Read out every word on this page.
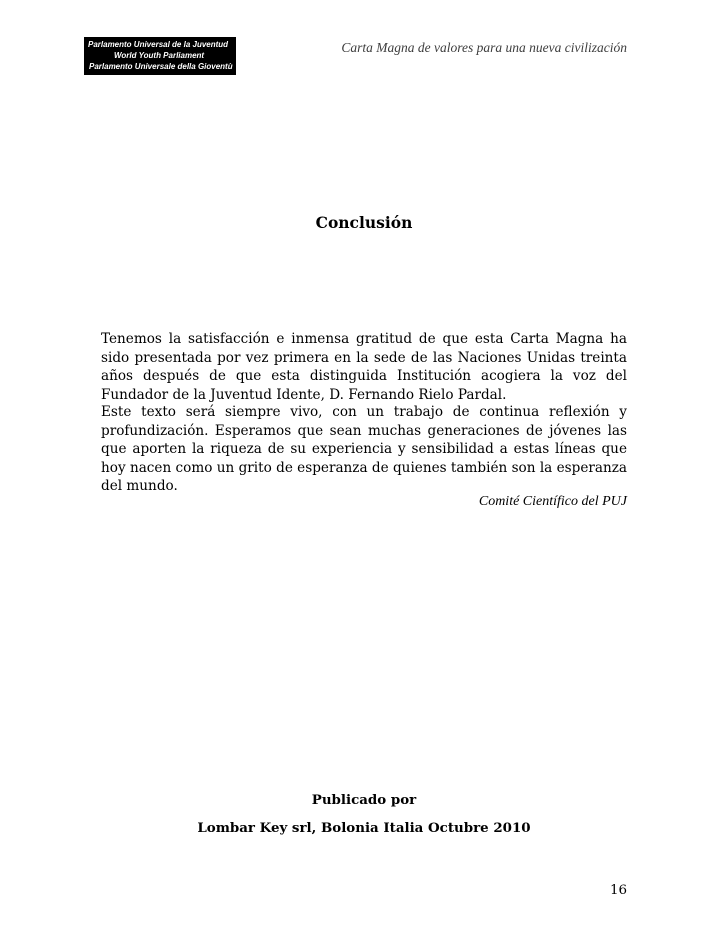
Parlamento Universal de la Juventud
World Youth Parliament
Parlamento Universale della Gioventù
Carta Magna de valores para una nueva civilización
Conclusión

Tenemos la satisfacción e inmensa gratitud de que esta Carta Magna ha sido presentada por vez primera en la sede de las Naciones Unidas treinta años después de que esta distinguida Institución acogiera la voz del Fundador de la Juventud Idente, D. Fernando Rielo Pardal.

Este texto será siempre vivo, con un trabajo de continua reflexión y profundización. Esperamos que sean muchas generaciones de jóvenes las que aporten la riqueza de su experiencia y sensibilidad a estas líneas que hoy nacen como un grito de esperanza de quienes también son la esperanza del mundo.

Comité Científico del PUJ
Publicado por
Lombar Key srl, Bolonia Italia Octubre 2010
16
